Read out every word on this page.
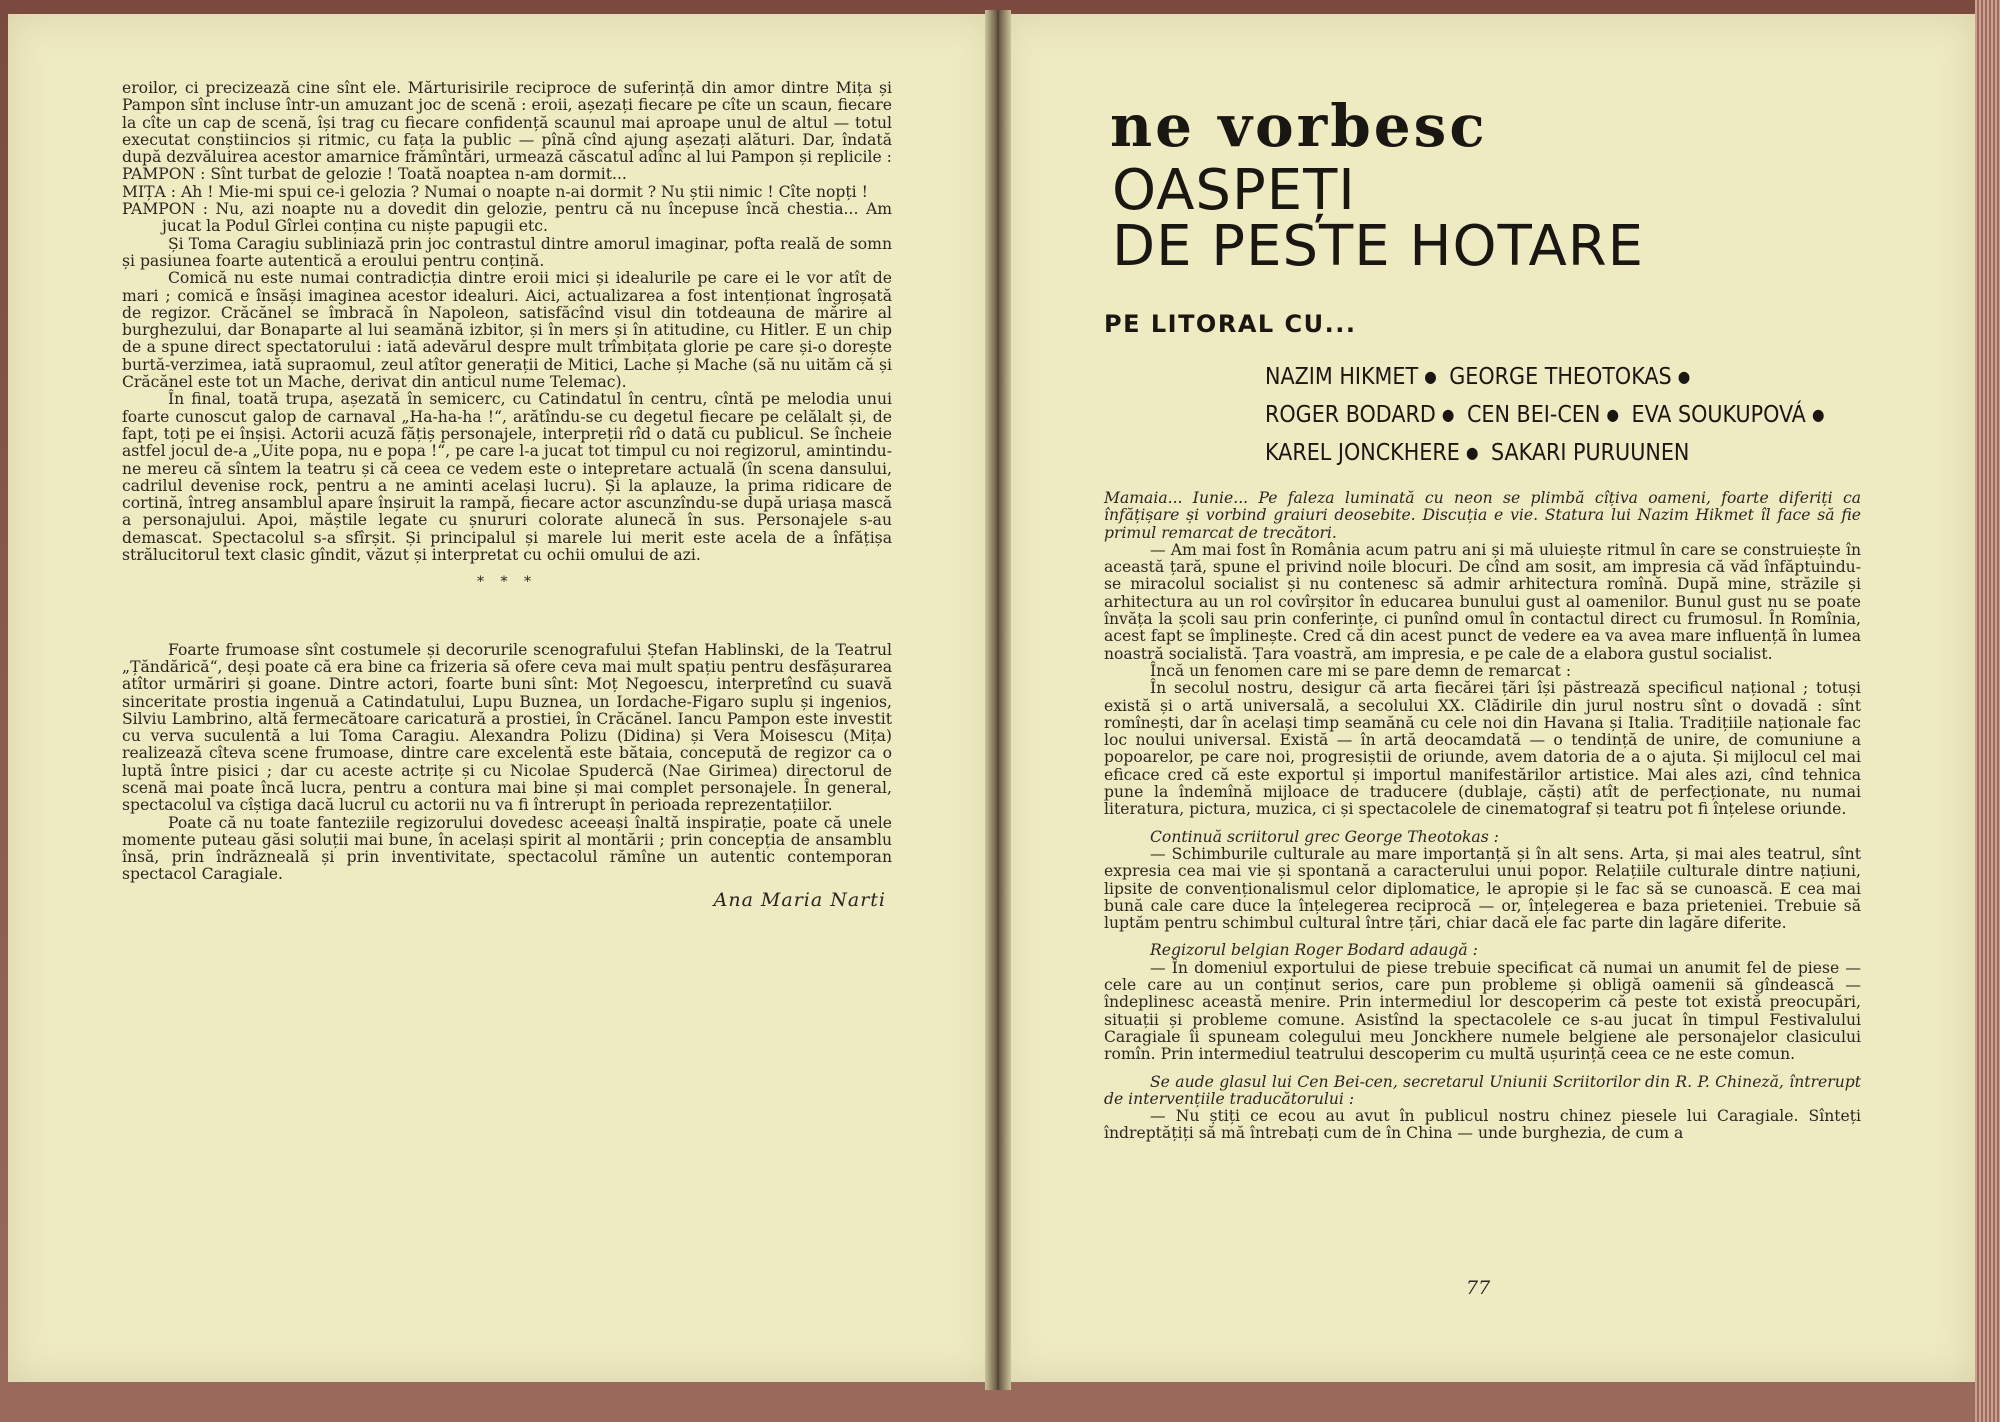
eroilor, ci precizează cine sînt ele. Mărturisirile reciproce de suferință din amor dintre Mița și Pampon sînt incluse într-un amuzant joc de scenă : eroii, așezați fiecare pe cîte un scaun, fiecare la cîte un cap de scenă, își trag cu fiecare confidență scaunul mai aproape unul de altul — totul executat conștiincios și ritmic, cu fața la public — pînă cînd ajung așezați alături. Dar, îndată după dezvăluirea acestor amarnice frămîntări, urmează căscatul adînc al lui Pampon și replicile :
PAMPON : Sînt turbat de gelozie ! Toată noaptea n-am dormit...
MIȚA : Ah ! Mie-mi spui ce-i gelozia ? Numai o noapte n-ai dormit ? Nu știi nimic ! Cîte nopți !
PAMPON : Nu, azi noapte nu a dovedit din gelozie, pentru că nu începuse încă chestia... Am jucat la Podul Gîrlei conțina cu niște papugii etc.
Și Toma Caragiu subliniază prin joc contrastul dintre amorul imaginar, pofta reală de somn și pasiunea foarte autentică a eroului pentru conțină.
Comică nu este numai contradicția dintre eroii mici și idealurile pe care ei le vor atît de mari ; comică e însăși imaginea acestor idealuri. Aici, actualizarea a fost intenționat îngroșată de regizor. Crăcănel se îmbracă în Napoleon, satisfăcînd visul din totdeauna de mărire al burghezului, dar Bonaparte al lui seamănă izbitor, și în mers și în atitudine, cu Hitler. E un chip de a spune direct spectatorului : iată adevărul despre mult trîmbițata glorie pe care și-o dorește burtă-verzimea, iată supraomul, zeul atîtor generații de Mitici, Lache și Mache (să nu uităm că și Crăcănel este tot un Mache, derivat din anticul nume Telemac).
În final, toată trupa, așezată în semicerc, cu Catindatul în centru, cîntă pe melodia unui foarte cunoscut galop de carnaval „Ha-ha-ha !“, arătîndu-se cu degetul fiecare pe celălalt și, de fapt, toți pe ei înșiși. Actorii acuză fățiș personajele, interpreții rîd o dată cu publicul. Se încheie astfel jocul de-a „Uite popa, nu e popa !“, pe care l-a jucat tot timpul cu noi regizorul, amintindu-ne mereu că sîntem la teatru și că ceea ce vedem este o intepretare actuală (în scena dansului, cadrilul devenise rock, pentru a ne aminti același lucru). Și la aplauze, la prima ridicare de cortină, întreg ansamblul apare înșiruit la rampă, fiecare actor ascunzîndu-se după uriașa mască a personajului. Apoi, măștile legate cu șnururi colorate alunecă în sus. Personajele s-au demascat. Spectacolul s-a sfîrșit. Și principalul și marele lui merit este acela de a înfățișa strălucitorul text clasic gîndit, văzut și interpretat cu ochii omului de azi.
* * *
Foarte frumoase sînt costumele și decorurile scenografului Ștefan Hablinski, de la Teatrul „Țăndărică“, deși poate că era bine ca frizeria să ofere ceva mai mult spațiu pentru desfășurarea atîtor urmăriri și goane. Dintre actori, foarte buni sînt: Moț Negoescu, interpretînd cu suavă sinceritate prostia ingenuă a Catindatului, Lupu Buznea, un Iordache-Figaro suplu și ingenios, Silviu Lambrino, altă fermecătoare caricatură a prostiei, în Crăcănel. Iancu Pampon este investit cu verva suculentă a lui Toma Caragiu. Alexandra Polizu (Didina) și Vera Moisescu (Mița) realizează cîteva scene frumoase, dintre care excelentă este bătaia, concepută de regizor ca o luptă între pisici ; dar cu aceste actrițe și cu Nicolae Spudercă (Nae Girimea) directorul de scenă mai poate încă lucra, pentru a contura mai bine și mai complet personajele. În general, spectacolul va cîștiga dacă lucrul cu actorii nu va fi întrerupt în perioada reprezentațiilor.
Poate că nu toate fanteziile regizorului dovedesc aceeași înaltă inspirație, poate că unele momente puteau găsi soluții mai bune, în același spirit al montării ; prin concepția de ansamblu însă, prin îndrăzneală și prin inventivitate, spectacolul rămîne un autentic contemporan spectacol Caragiale.
Ana Maria Narti
ne vorbesc
OASPEȚI
DE PESTE HOTARE
PE LITORAL CU...
NAZIM HIKMET ● GEORGE THEOTOKAS ● ROGER BODARD ● CEN BEI-CEN ● EVA SOUKUPOVÁ ● KAREL JONCKHERE ● SAKARI PURUUNEN
Mamaia... Iunie... Pe faleza luminată cu neon se plimbă cîțiva oameni, foarte diferiți ca înfățișare și vorbind graiuri deosebite. Discuția e vie. Statura lui Nazim Hikmet îl face să fie primul remarcat de trecători.
— Am mai fost în România acum patru ani și mă uluiește ritmul în care se construiește în această țară, spune el privind noile blocuri. De cînd am sosit, am impresia că văd înfăptuindu-se miracolul socialist și nu contenesc să admir arhitectura romînă. După mine, străzile și arhitectura au un rol covîrșitor în educarea bunului gust al oamenilor. Bunul gust nu se poate învăța la școli sau prin conferințe, ci punînd omul în contactul direct cu frumosul. În Romînia, acest fapt se împlinește. Cred că din acest punct de vedere ea va avea mare influență în lumea noastră socialistă. Țara voastră, am impresia, e pe cale de a elabora gustul socialist.
Încă un fenomen care mi se pare demn de remarcat :
În secolul nostru, desigur că arta fiecărei țări își păstrează specificul național ; totuși există și o artă universală, a secolului XX. Clădirile din jurul nostru sînt o dovadă : sînt romînești, dar în același timp seamănă cu cele noi din Havana și Italia. Tradițiile naționale fac loc noului universal. Există — în artă deocamdată — o tendință de unire, de comuniune a popoarelor, pe care noi, progresiștii de oriunde, avem datoria de a o ajuta. Și mijlocul cel mai eficace cred că este exportul și importul manifestărilor artistice. Mai ales azi, cînd tehnica pune la îndemînă mijloace de traducere (dublaje, căști) atît de perfecționate, nu numai literatura, pictura, muzica, ci și spectacolele de cinematograf și teatru pot fi înțelese oriunde.
Continuă scriitorul grec George Theotokas :
— Schimburile culturale au mare importanță și în alt sens. Arta, și mai ales teatrul, sînt expresia cea mai vie și spontană a caracterului unui popor. Relațiile culturale dintre națiuni, lipsite de convenționalismul celor diplomatice, le apropie și le fac să se cunoască. E cea mai bună cale care duce la înțelegerea reciprocă — or, înțelegerea e baza prieteniei. Trebuie să luptăm pentru schimbul cultural între țări, chiar dacă ele fac parte din lagăre diferite.
Regizorul belgian Roger Bodard adaugă :
— În domeniul exportului de piese trebuie specificat că numai un anumit fel de piese — cele care au un conținut serios, care pun probleme și obligă oamenii să gîndească — îndeplinesc această menire. Prin intermediul lor descoperim că peste tot există preocupări, situații și probleme comune. Asistînd la spectacolele ce s-au jucat în timpul Festivalului Caragiale îi spuneam colegului meu Jonckhere numele belgiene ale personajelor clasicului romîn. Prin intermediul teatrului descoperim cu multă ușurință ceea ce ne este comun.
Se aude glasul lui Cen Bei-cen, secretarul Uniunii Scriitorilor din R. P. Chineză, întrerupt de intervențiile traducătorului :
— Nu știți ce ecou au avut în publicul nostru chinez piesele lui Caragiale. Sînteți îndreptățiți să mă întrebați cum de în China — unde burghezia, de cum a
77
